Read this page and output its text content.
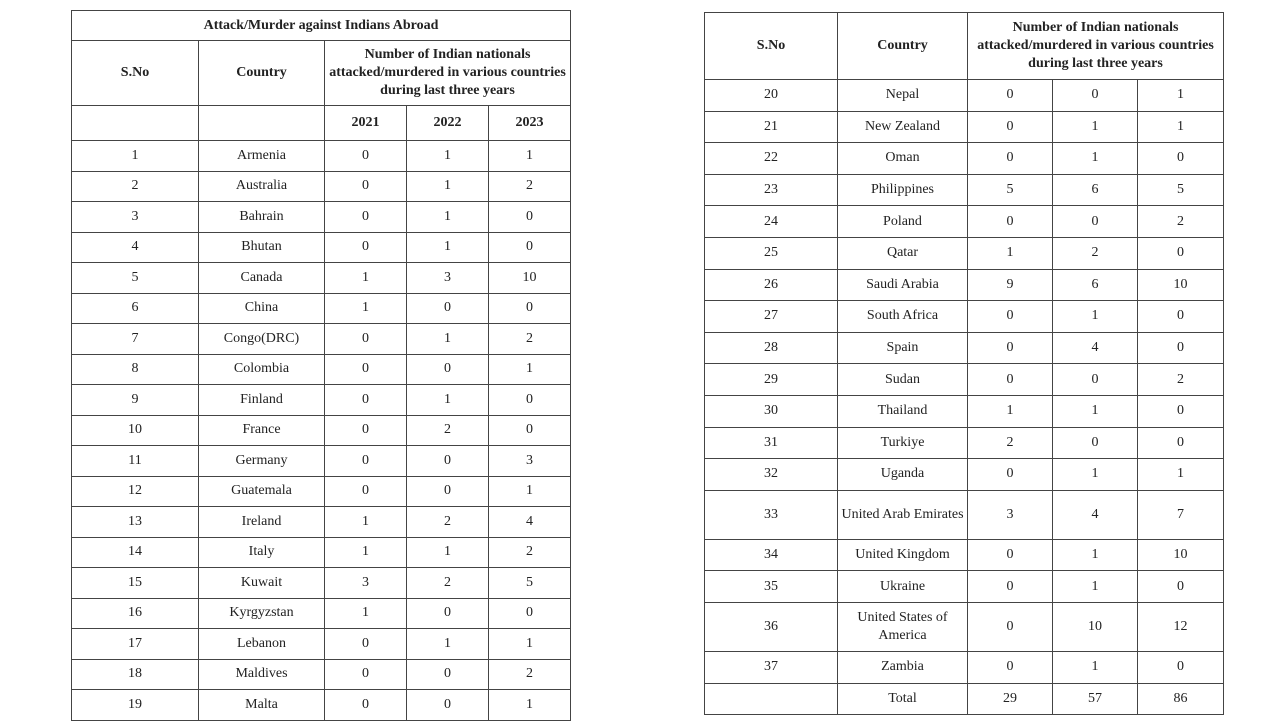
Attack/Murder against Indians Abroad				
S.No	Country	Number of Indian nationals attacked/murdered in various countries during last three years		
		2021	2022	2023
1	Armenia	0	1	1
2	Australia	0	1	2
3	Bahrain	0	1	0
4	Bhutan	0	1	0
5	Canada	1	3	10
6	China	1	0	0
7	Congo(DRC)	0	1	2
8	Colombia	0	0	1
9	Finland	0	1	0
10	France	0	2	0
11	Germany	0	0	3
12	Guatemala	0	0	1
13	Ireland	1	2	4
14	Italy	1	1	2
15	Kuwait	3	2	5
16	Kyrgyzstan	1	0	0
17	Lebanon	0	1	1
18	Maldives	0	0	2
19	Malta	0	0	1
S.No	Country	Number of Indian nationals attacked/murdered in various countries during last three years		
20	Nepal	0	0	1
21	New Zealand	0	1	1
22	Oman	0	1	0
23	Philippines	5	6	5
24	Poland	0	0	2
25	Qatar	1	2	0
26	Saudi Arabia	9	6	10
27	South Africa	0	1	0
28	Spain	0	4	0
29	Sudan	0	0	2
30	Thailand	1	1	0
31	Turkiye	2	0	0
32	Uganda	0	1	1
33	United Arab Emirates	3	4	7
34	United Kingdom	0	1	10
35	Ukraine	0	1	0
36	United States of America	0	10	12
37	Zambia	0	1	0
	Total	29	57	86
